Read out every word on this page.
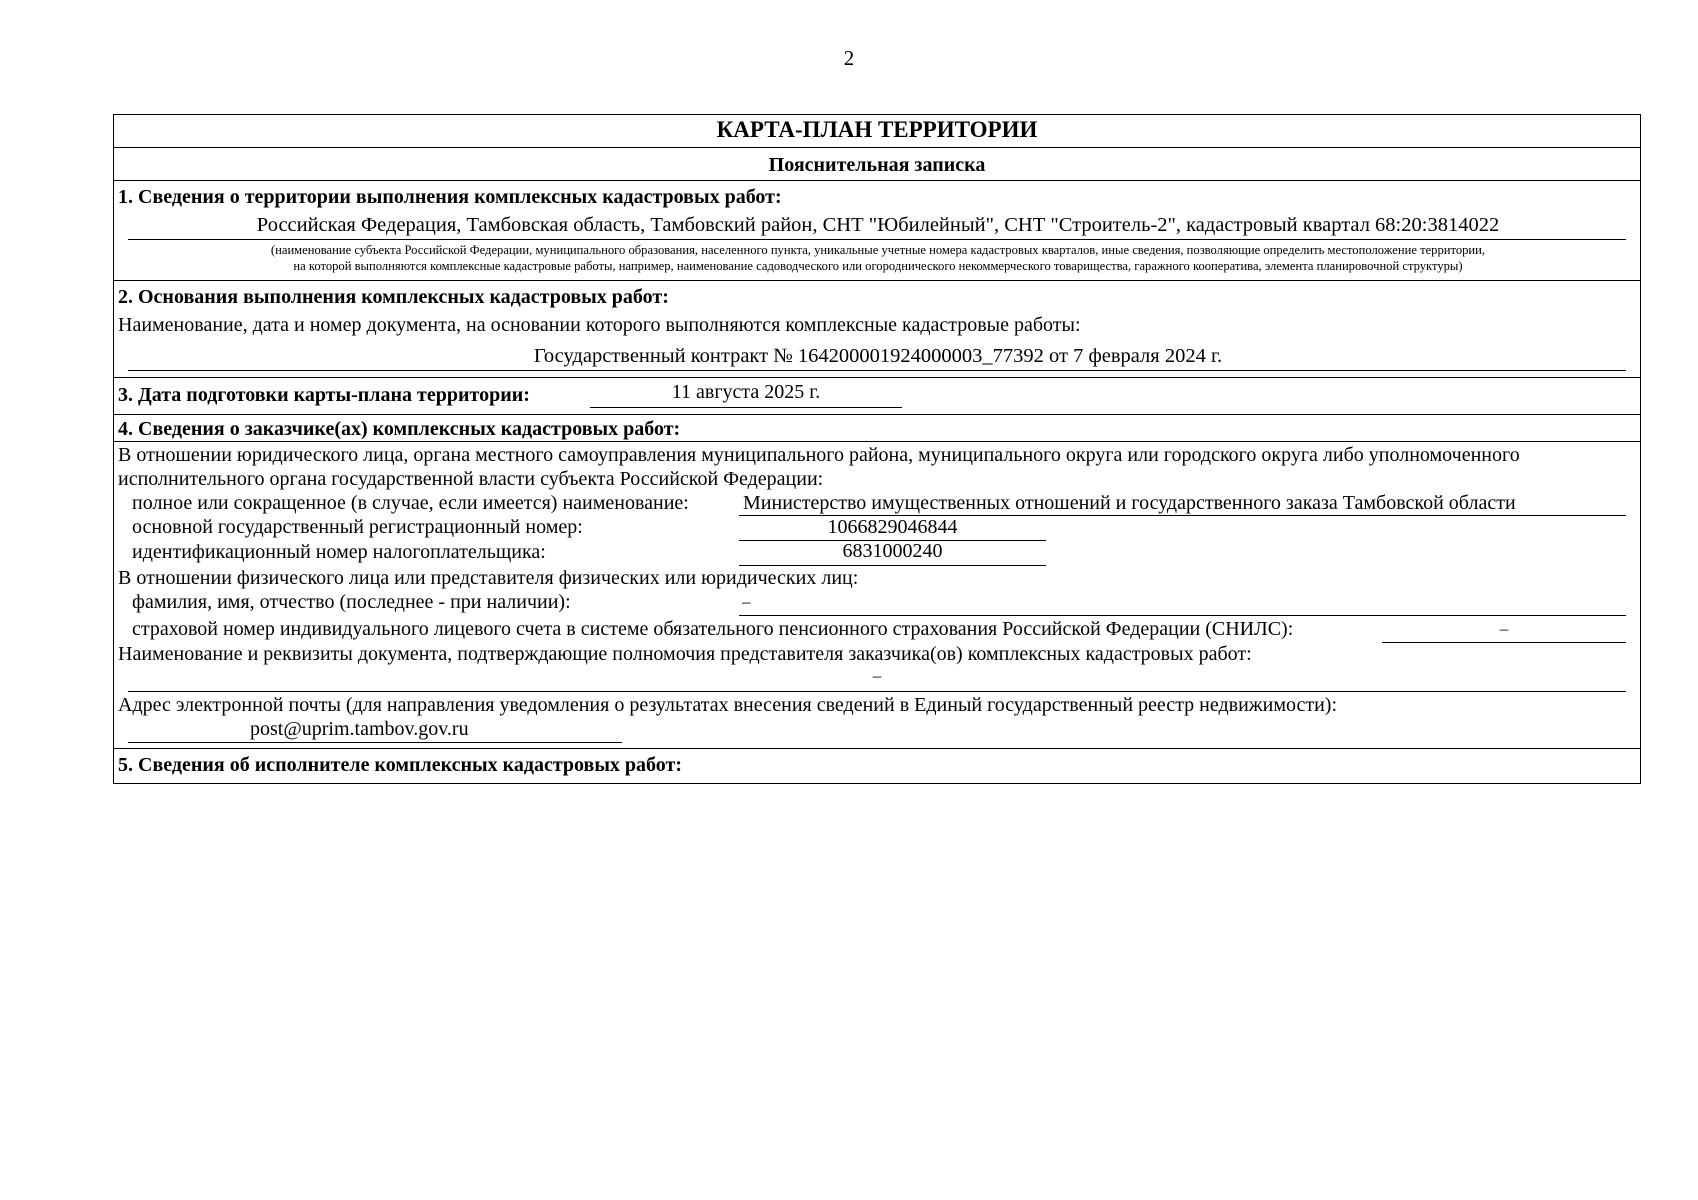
2
КАРТА-ПЛАН ТЕРРИТОРИИ
Пояснительная записка
1. Сведения о территории выполнения комплексных кадастровых работ:
Российская Федерация, Тамбовская область, Тамбовский район, СНТ "Юбилейный", СНТ "Строитель-2", кадастровый квартал 68:20:3814022
(наименование субъекта Российской Федерации, муниципального образования, населенного пункта, уникальные учетные номера кадастровых кварталов, иные сведения, позволяющие определить местоположение территории,
на которой выполняются комплексные кадастровые работы, например, наименование садоводческого или огороднического некоммерческого товарищества, гаражного кооператива, элемента планировочной структуры)
2. Основания выполнения комплексных кадастровых работ:
Наименование, дата и номер документа, на основании которого выполняются комплексные кадастровые работы:
Государственный контракт № 164200001924000003_77392 от 7 февраля 2024 г.
3. Дата подготовки карты-плана территории:	11 августа 2025 г.
4. Сведения о заказчике(ах) комплексных кадастровых работ:
В отношении юридического лица, органа местного самоуправления муниципального района, муниципального округа или городского округа либо уполномоченного
исполнительного органа государственной власти субъекта Российской Федерации:
полное или сокращенное (в случае, если имеется) наименование:	Министерство имущественных отношений и государственного заказа Тамбовской области
основной государственный регистрационный номер:	1066829046844
идентификационный номер налогоплательщика:	6831000240
В отношении физического лица или представителя физических или юридических лиц:
фамилия, имя, отчество (последнее - при наличии):	–
страховой номер индивидуального лицевого счета в системе обязательного пенсионного страхования Российской Федерации (СНИЛС):	–
Наименование и реквизиты документа, подтверждающие полномочия представителя заказчика(ов) комплексных кадастровых работ:
–
Адрес электронной почты (для направления уведомления о результатах внесения сведений в Единый государственный реестр недвижимости):
post@uprim.tambov.gov.ru
5. Сведения об исполнителе комплексных кадастровых работ:
